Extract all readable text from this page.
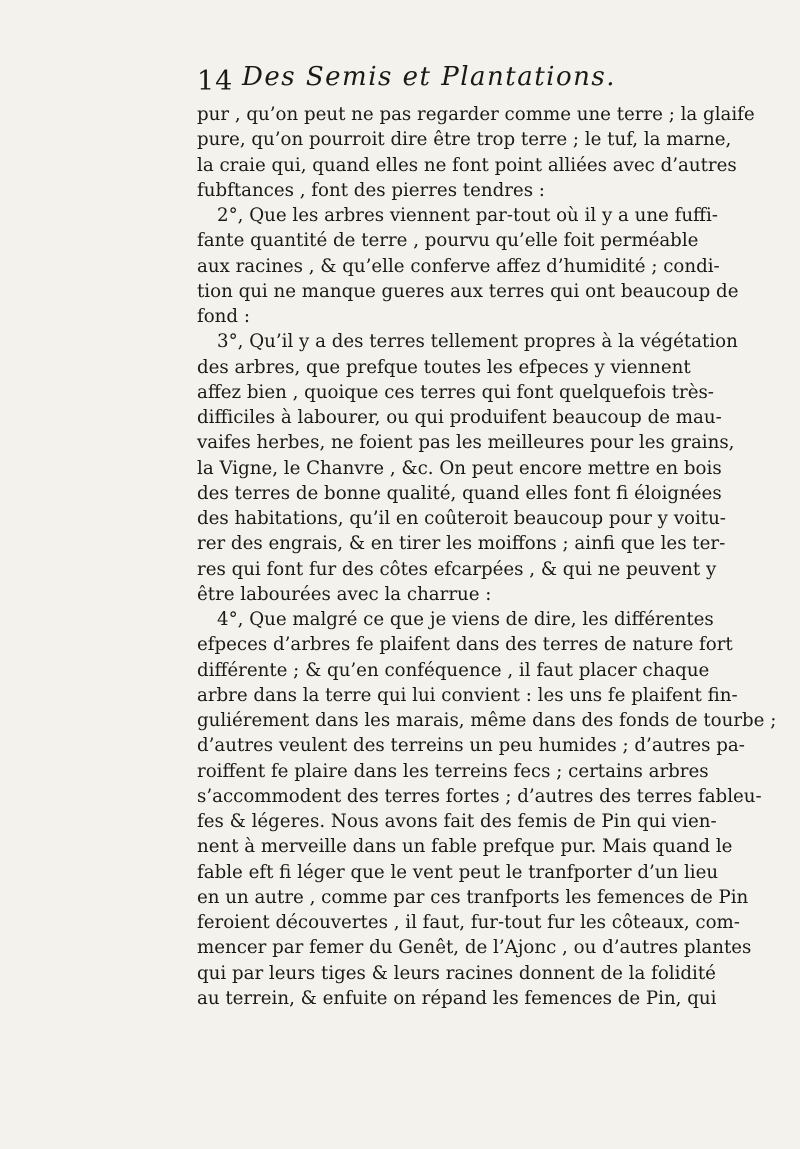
14 Des Semis et Plantations.
pur , qu’on peut ne pas regarder comme une terre ; la glaife
pure, qu’on pourroit dire être trop terre ; le tuf, la marne,
la craie qui, quand elles ne font point alliées avec d’autres
fubftances , font des pierres tendres :
2°, Que les arbres viennent par-tout où il y a une fuffi-
fante quantité de terre , pourvu qu’elle foit perméable
aux racines , & qu’elle conferve affez d’humidité ; condi-
tion qui ne manque gueres aux terres qui ont beaucoup de
fond :
3°, Qu’il y a des terres tellement propres à la végétation
des arbres, que prefque toutes les efpeces y viennent
affez bien , quoique ces terres qui font quelquefois très-
difficiles à labourer, ou qui produifent beaucoup de mau-
vaifes herbes, ne foient pas les meilleures pour les grains,
la Vigne, le Chanvre , &c. On peut encore mettre en bois
des terres de bonne qualité, quand elles font fi éloignées
des habitations, qu’il en coûteroit beaucoup pour y voitu-
rer des engrais, & en tirer les moiffons ; ainfi que les ter-
res qui font fur des côtes efcarpées , & qui ne peuvent y
être labourées avec la charrue :
4°, Que malgré ce que je viens de dire, les différentes
efpeces d’arbres fe plaifent dans des terres de nature fort
différente ; & qu’en conféquence , il faut placer chaque
arbre dans la terre qui lui convient : les uns fe plaifent fin-
guliérement dans les marais, même dans des fonds de tourbe ;
d’autres veulent des terreins un peu humides ; d’autres pa-
roiffent fe plaire dans les terreins fecs ; certains arbres
s’accommodent des terres fortes ; d’autres des terres fableu-
fes & légeres. Nous avons fait des femis de Pin qui vien-
nent à merveille dans un fable prefque pur. Mais quand le
fable eft fi léger que le vent peut le tranfporter d’un lieu
en un autre , comme par ces tranfports les femences de Pin
feroient découvertes , il faut, fur-tout fur les côteaux, com-
mencer par femer du Genêt, de l’Ajonc , ou d’autres plantes
qui par leurs tiges & leurs racines donnent de la folidité
au terrein, & enfuite on répand les femences de Pin, qui
